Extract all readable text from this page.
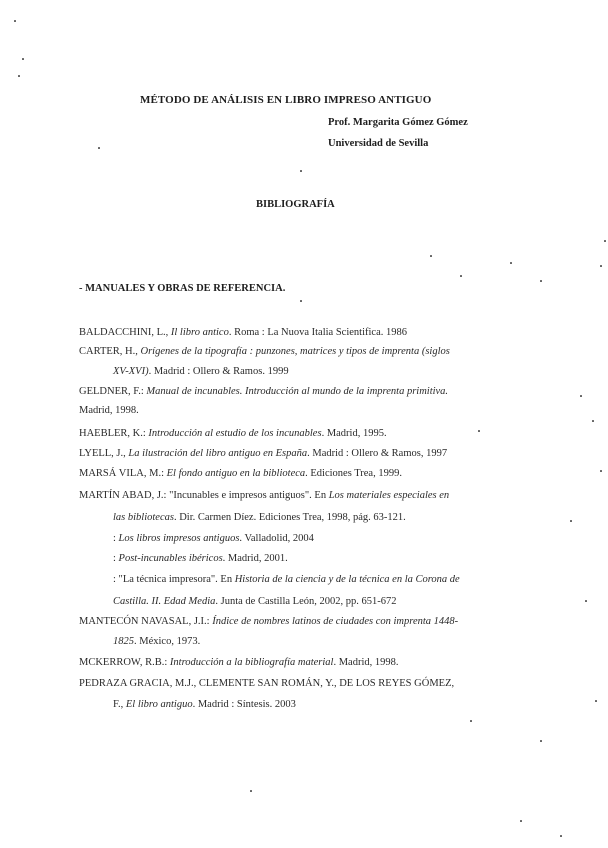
MÉTODO DE ANÁLISIS EN LIBRO IMPRESO ANTIGUO
Prof. Margarita Gómez Gómez
Universidad de Sevilla
BIBLIOGRAFÍA
- MANUALES Y OBRAS DE REFERENCIA.
BALDACCHINI, L., Il libro antico. Roma : La Nuova Italia Scientifica. 1986
CARTER, H., Orígenes de la tipografía : punzones, matrices y tipos de imprenta (siglos
XV-XVI). Madrid : Ollero & Ramos. 1999
GELDNER, F.: Manual de incunables. Introducción al mundo de la imprenta primitiva.
Madrid, 1998.
HAEBLER, K.: Introducción al estudio de los incunables. Madrid, 1995.
LYELL, J., La ilustración del libro antiguo en España. Madrid : Ollero & Ramos, 1997
MARSÁ VILA, M.: El fondo antiguo en la biblioteca. Ediciones Trea, 1999.
MARTÍN ABAD, J.: "Incunables e impresos antiguos". En Los materiales especiales en
las bibliotecas. Dir. Carmen Díez. Ediciones Trea, 1998, pág. 63-121.
: Los libros impresos antiguos. Valladolid, 2004
: Post-incunables ibéricos. Madrid, 2001.
: "La técnica impresora". En Historia de la ciencia y de la técnica en la Corona de
Castilla. II. Edad Media. Junta de Castilla León, 2002, pp. 651-672
MANTECÓN NAVASAL, J.I.: Índice de nombres latinos de ciudades con imprenta 1448-
1825. México, 1973.
MCKERROW, R.B.: Introducción a la bibliografía material. Madrid, 1998.
PEDRAZA GRACIA, M.J., CLEMENTE SAN ROMÁN, Y., DE LOS REYES GÓMEZ,
F., El libro antiguo. Madrid : Síntesis. 2003
